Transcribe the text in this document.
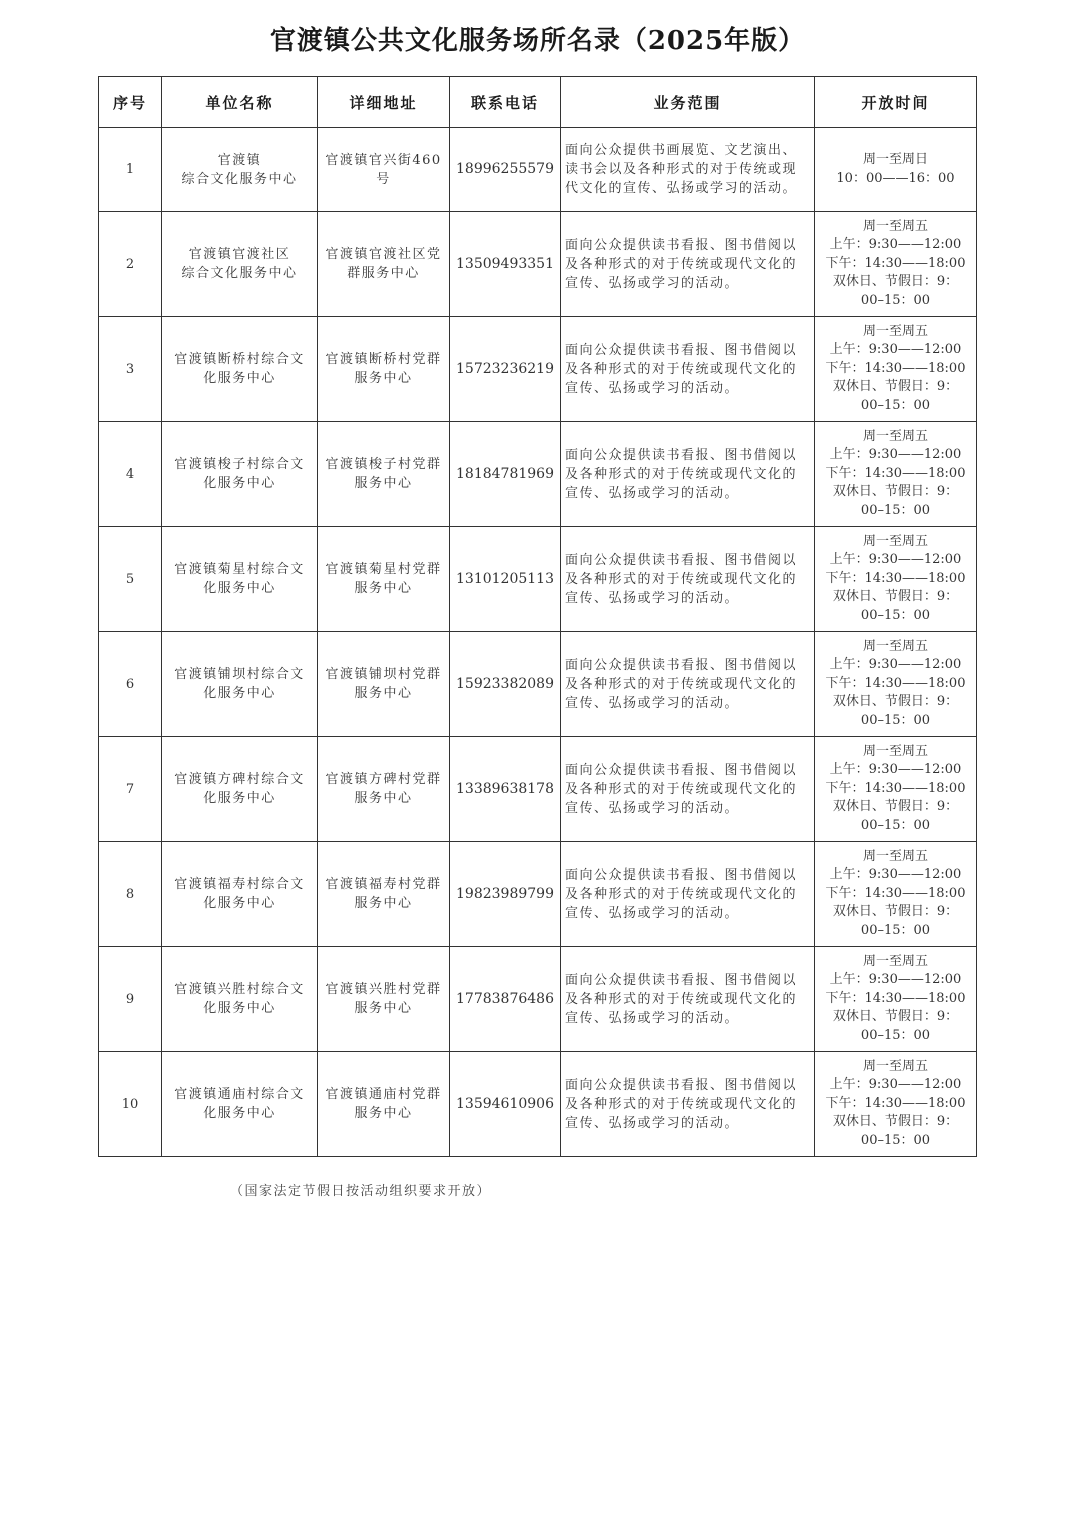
官渡镇公共文化服务场所名录（2025年版）
序号	单位名称	详细地址	联系电话	业务范围	开放时间
1	官渡镇
综合文化服务中心	官渡镇官兴街460
号	18996255579	面向公众提供书画展览、文艺演出、
读书会以及各种形式的对于传统或现
代文化的宣传、弘扬或学习的活动。	周一至周日
10：00——16：00

2	官渡镇官渡社区
综合文化服务中心	官渡镇官渡社区党
群服务中心	13509493351	面向公众提供读书看报、图书借阅以
及各种形式的对于传统或现代文化的
宣传、弘扬或学习的活动。	周一至周五
上午：9:30——12:00
下午：14:30——18:00
双休日、节假日：9：
00–15：00

3	官渡镇断桥村综合文
化服务中心	官渡镇断桥村党群
服务中心	15723236219	面向公众提供读书看报、图书借阅以
及各种形式的对于传统或现代文化的
宣传、弘扬或学习的活动。	周一至周五
上午：9:30——12:00
下午：14:30——18:00
双休日、节假日：9：
00–15：00

4	官渡镇梭子村综合文
化服务中心	官渡镇梭子村党群
服务中心	18184781969	面向公众提供读书看报、图书借阅以
及各种形式的对于传统或现代文化的
宣传、弘扬或学习的活动。	周一至周五
上午：9:30——12:00
下午：14:30——18:00
双休日、节假日：9：
00–15：00

5	官渡镇菊星村综合文
化服务中心	官渡镇菊星村党群
服务中心	13101205113	面向公众提供读书看报、图书借阅以
及各种形式的对于传统或现代文化的
宣传、弘扬或学习的活动。	周一至周五
上午：9:30——12:00
下午：14:30——18:00
双休日、节假日：9：
00–15：00

6	官渡镇铺坝村综合文
化服务中心	官渡镇铺坝村党群
服务中心	15923382089	面向公众提供读书看报、图书借阅以
及各种形式的对于传统或现代文化的
宣传、弘扬或学习的活动。	周一至周五
上午：9:30——12:00
下午：14:30——18:00
双休日、节假日：9：
00–15：00

7	官渡镇方碑村综合文
化服务中心	官渡镇方碑村党群
服务中心	13389638178	面向公众提供读书看报、图书借阅以
及各种形式的对于传统或现代文化的
宣传、弘扬或学习的活动。	周一至周五
上午：9:30——12:00
下午：14:30——18:00
双休日、节假日：9：
00–15：00

8	官渡镇福寿村综合文
化服务中心	官渡镇福寿村党群
服务中心	19823989799	面向公众提供读书看报、图书借阅以
及各种形式的对于传统或现代文化的
宣传、弘扬或学习的活动。	周一至周五
上午：9:30——12:00
下午：14:30——18:00
双休日、节假日：9：
00–15：00

9	官渡镇兴胜村综合文
化服务中心	官渡镇兴胜村党群
服务中心	17783876486	面向公众提供读书看报、图书借阅以
及各种形式的对于传统或现代文化的
宣传、弘扬或学习的活动。	周一至周五
上午：9:30——12:00
下午：14:30——18:00
双休日、节假日：9：
00–15：00

10	官渡镇通庙村综合文
化服务中心	官渡镇通庙村党群
服务中心	13594610906	面向公众提供读书看报、图书借阅以
及各种形式的对于传统或现代文化的
宣传、弘扬或学习的活动。	周一至周五
上午：9:30——12:00
下午：14:30——18:00
双休日、节假日：9：
00–15：00
（国家法定节假日按活动组织要求开放）
